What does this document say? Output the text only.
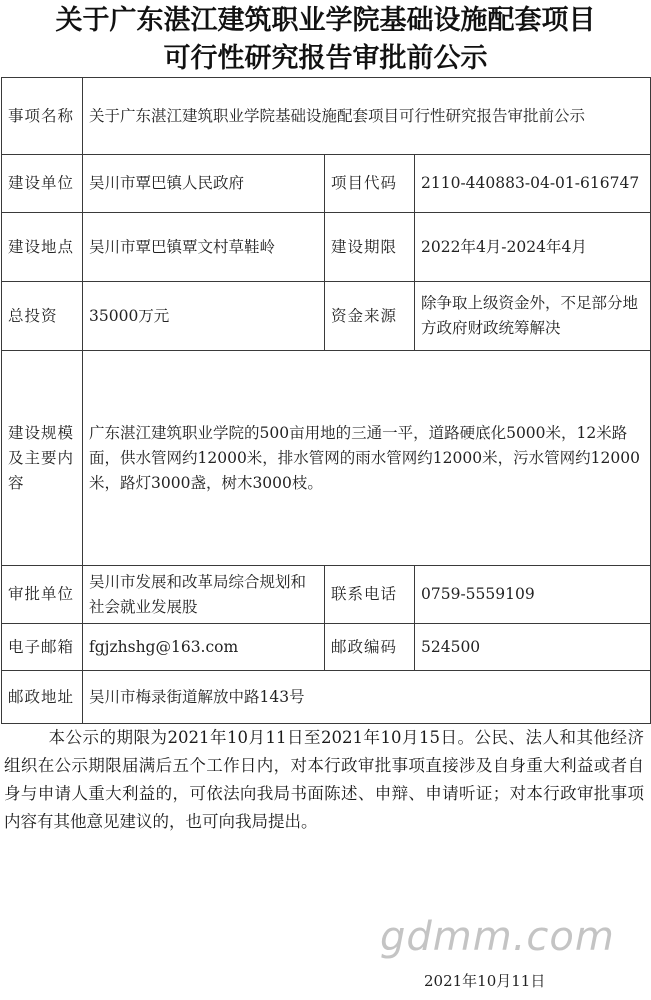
关于广东湛江建筑职业学院基础设施配套项目
可行性研究报告审批前公示
事项名称	关于广东湛江建筑职业学院基础设施配套项目可行性研究报告审批前公示		
建设单位	吴川市覃巴镇人民政府	项目代码	2110-440883-04-01-616747
建设地点	吴川市覃巴镇覃文村草鞋岭	建设期限	2022年4月-2024年4月
总投资	35000万元	资金来源	除争取上级资金外，不足部分地方政府财政统筹解决
建设规模及主要内容	广东湛江建筑职业学院的500亩用地的三通一平，道路硬底化5000米，12米路面，供水管网约12000米，排水管网的雨水管网约12000米，污水管网约12000米，路灯3000盏，树木3000枝。		
审批单位	吴川市发展和改革局综合规划和社会就业发展股	联系电话	0759-5559109
电子邮箱	fgjzhshg@163.com	邮政编码	524500
邮政地址	吴川市梅录街道解放中路143号		
本公示的期限为2021年10月11日至2021年10月15日。公民、法人和其他经济组织在公示期限届满后五个工作日内，对本行政审批事项直接涉及自身重大利益或者自身与申请人重大利益的，可依法向我局书面陈述、申辩、申请听证；对本行政审批事项内容有其他意见建议的，也可向我局提出。
gdmm.com
2021年10月11日
